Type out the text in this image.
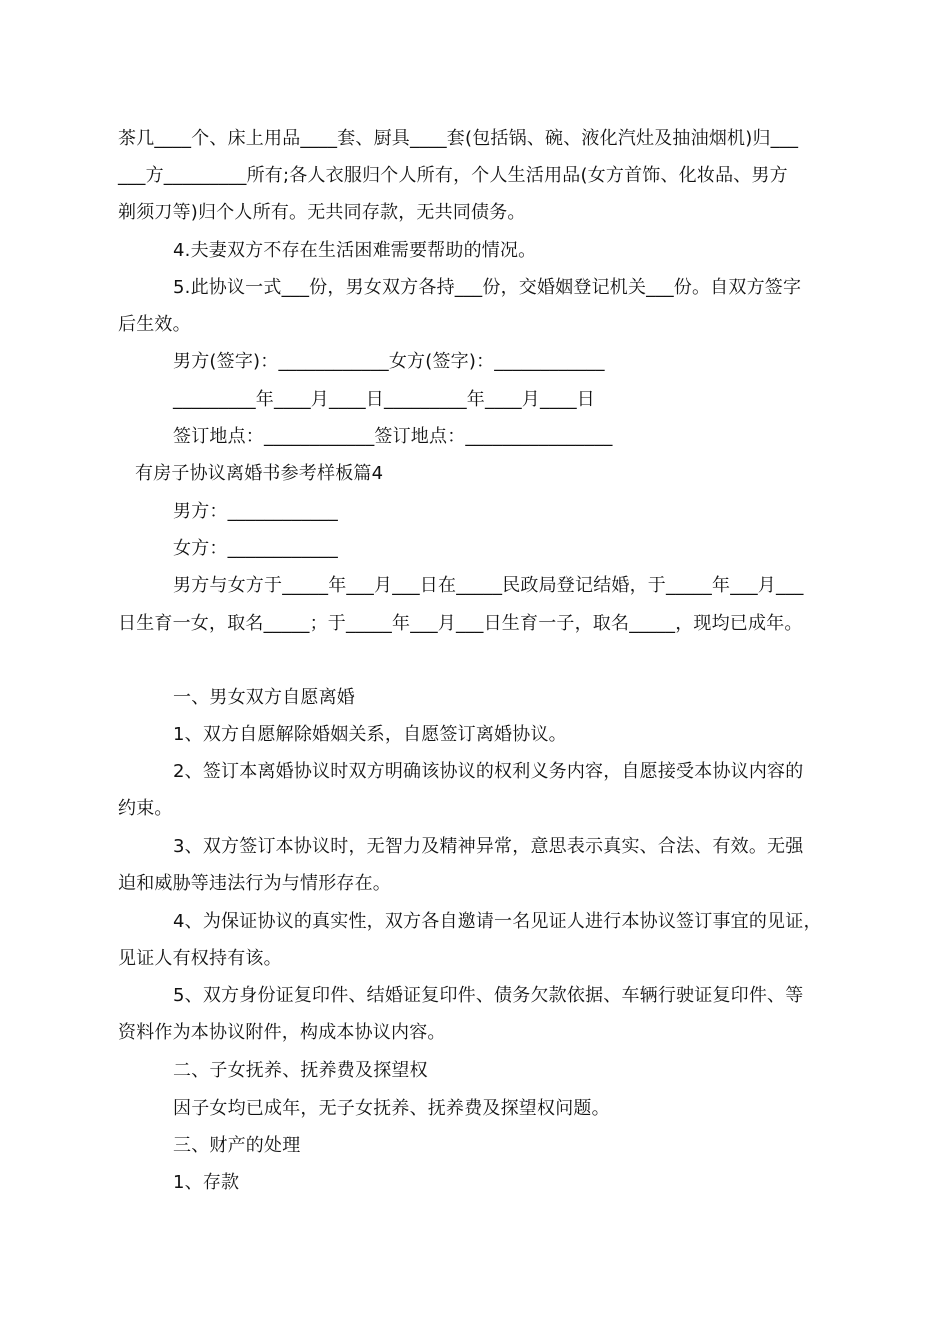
茶几____个、床上用品____套、厨具____套(包括锅、碗、液化汽灶及抽油烟机)归___
___方_________所有;各人衣服归个人所有，个人生活用品(女方首饰、化妆品、男方
剃须刀等)归个人所有。无共同存款，无共同债务。
4.夫妻双方不存在生活困难需要帮助的情况。
5.此协议一式___份，男女双方各持___份，交婚姻登记机关___份。自双方签字
后生效。
男方(签字)：____________女方(签字)：____________
_________年____月____日_________年____月____日
签订地点：____________签订地点：________________
有房子协议离婚书参考样板篇4
男方：____________
女方：____________
男方与女方于_____年___月___日在_____民政局登记结婚，于_____年___月___
日生育一女，取名_____；于_____年___月___日生育一子，取名_____，现均已成年。
一、男女双方自愿离婚
1、双方自愿解除婚姻关系，自愿签订离婚协议。
2、签订本离婚协议时双方明确该协议的权利义务内容，自愿接受本协议内容的
约束。
3、双方签订本协议时，无智力及精神异常，意思表示真实、合法、有效。无强
迫和威胁等违法行为与情形存在。
4、为保证协议的真实性，双方各自邀请一名见证人进行本协议签订事宜的见证，
见证人有权持有该。
5、双方身份证复印件、结婚证复印件、债务欠款依据、车辆行驶证复印件、等
资料作为本协议附件，构成本协议内容。
二、子女抚养、抚养费及探望权
因子女均已成年，无子女抚养、抚养费及探望权问题。
三、财产的处理
1、存款
